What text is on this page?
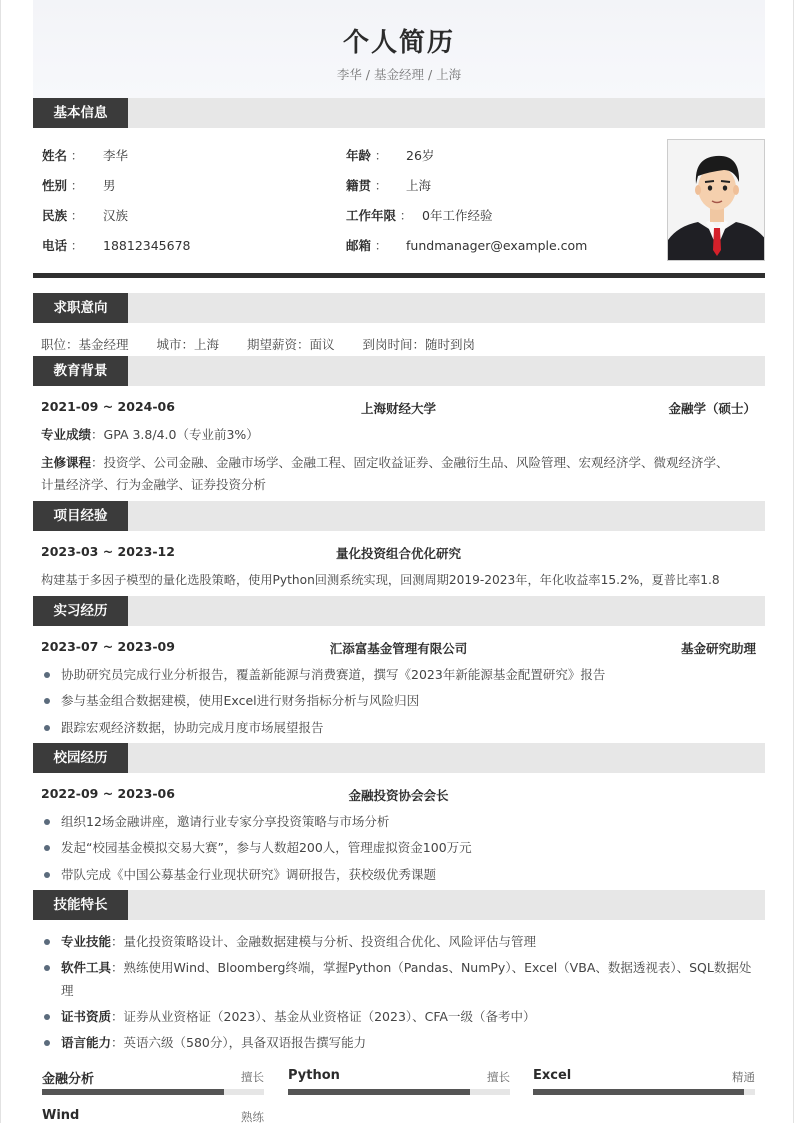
个人简历
李华 / 基金经理 / 上海
基本信息
姓名 ： 李华	年龄 ： 26岁
性别 ： 男	籍贯 ： 上海
民族 ： 汉族	工作年限 ： 0年工作经验
电话 ： 18812345678	邮箱 ： fundmanager@example.com
求职意向
职位：基金经理 城市：上海 期望薪资：面议 到岗时间：随时到岗
教育背景
2021-09 ~ 2024-06	上海财经大学	金融学（硕士）
专业成绩：GPA 3.8/4.0（专业前3%）
主修课程：投资学、公司金融、金融市场学、金融工程、固定收益证券、金融衍生品、风险管理、宏观经济学、微观经济学、
计量经济学、行为金融学、证券投资分析
项目经验
2023-03 ~ 2023-12	量化投资组合优化研究
构建基于多因子模型的量化选股策略，使用Python回测系统实现，回测周期2019-2023年，年化收益率15.2%，夏普比率1.8
实习经历
2023-07 ~ 2023-09	汇添富基金管理有限公司	基金研究助理
协助研究员完成行业分析报告，覆盖新能源与消费赛道，撰写《2023年新能源基金配置研究》报告
参与基金组合数据建模，使用Excel进行财务指标分析与风险归因
跟踪宏观经济数据，协助完成月度市场展望报告
校园经历
2022-09 ~ 2023-06	金融投资协会会长
组织12场金融讲座，邀请行业专家分享投资策略与市场分析
发起“校园基金模拟交易大赛”，参与人数超200人，管理虚拟资金100万元
带队完成《中国公募基金行业现状研究》调研报告，获校级优秀课题
技能特长
专业技能：量化投资策略设计、金融数据建模与分析、投资组合优化、风险评估与管理
软件工具：熟练使用Wind、Bloomberg终端，掌握Python（Pandas、NumPy）、Excel（VBA、数据透视表）、SQL数据处
理
证书资质：证券从业资格证（2023）、基金从业资格证（2023）、CFA一级（备考中）
语言能力：英语六级（580分），具备双语报告撰写能力
金融分析	擅长 Python	擅长 Excel	精通
Wind	熟练
